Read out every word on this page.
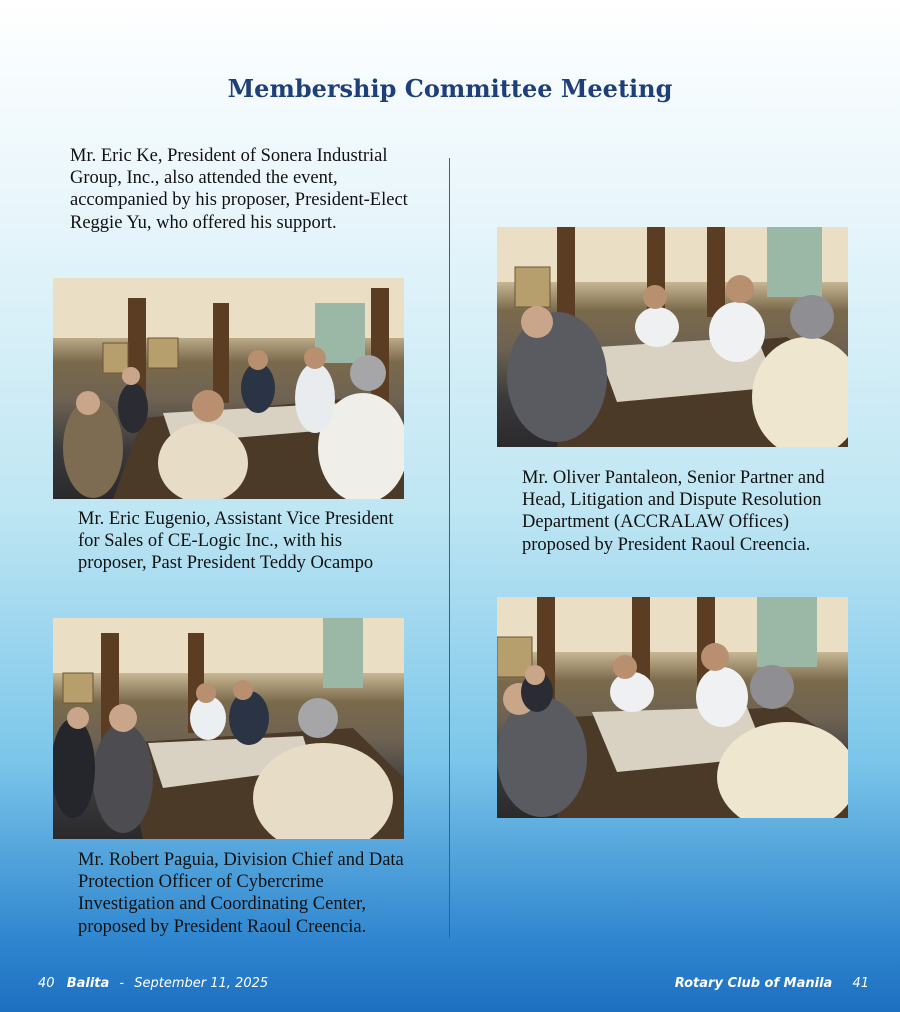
Membership Committee Meeting
Mr. Eric Ke, President of Sonera Industrial Group, Inc., also attended the event, accompanied by his proposer, President-Elect Reggie Yu, who offered his support.
Mr. Eric Eugenio, Assistant Vice President for Sales of CE-Logic Inc., with his proposer, Past President Teddy Ocampo
Mr. Robert Paguia, Division Chief and Data Protection Officer of Cybercrime Investigation and Coordinating Center, proposed by President Raoul Creencia.
Mr. Oliver Pantaleon, Senior Partner and Head, Litigation and Dispute Resolution Department (ACCRALAW Offices) proposed by President Raoul Creencia.
40 Balita - September 11, 2025	Rotary Club of Manila 41
